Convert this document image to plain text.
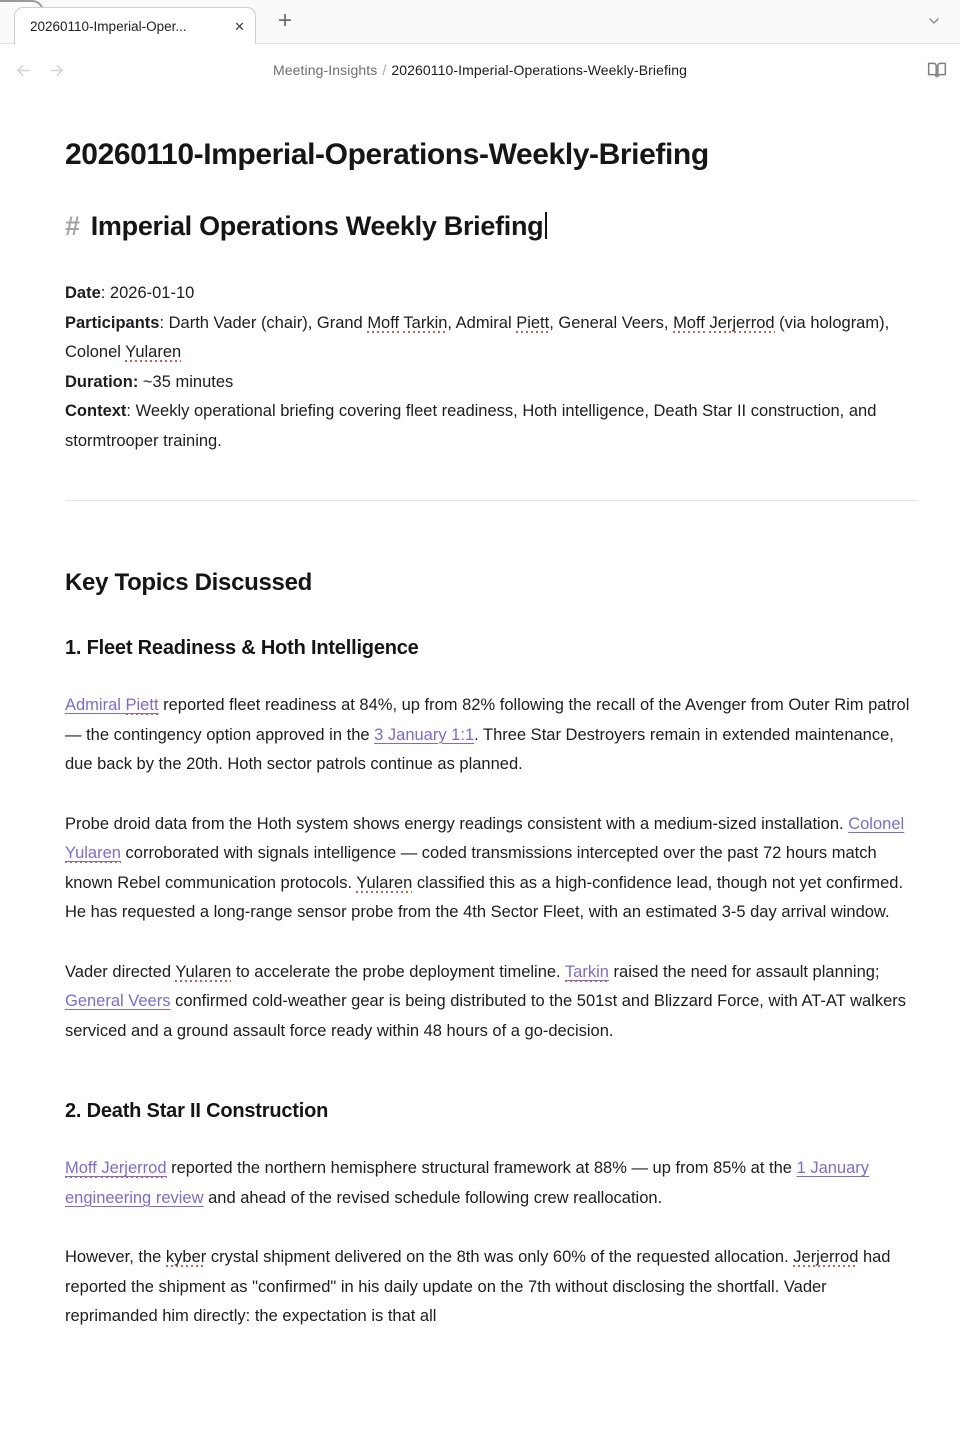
20260110-Imperial-Oper...	✕ +
Meeting-Insights / 20260110-Imperial-Operations-Weekly-Briefing
20260110-Imperial-Operations-Weekly-Briefing
# Imperial Operations Weekly Briefing
Date: 2026-01-10
Participants: Darth Vader (chair), Grand Moff Tarkin, Admiral Piett, General Veers, Moff Jerjerrod (via hologram), Colonel Yularen
Duration: ~35 minutes
Context: Weekly operational briefing covering fleet readiness, Hoth intelligence, Death Star II construction, and stormtrooper training.
Key Topics Discussed
1. Fleet Readiness & Hoth Intelligence

Admiral Piett reported fleet readiness at 84%, up from 82% following the recall of the Avenger from Outer Rim patrol — the contingency option approved in the 3 January 1:1. Three Star Destroyers remain in extended maintenance, due back by the 20th. Hoth sector patrols continue as planned.

Probe droid data from the Hoth system shows energy readings consistent with a medium-sized installation. Colonel Yularen corroborated with signals intelligence — coded transmissions intercepted over the past 72 hours match known Rebel communication protocols. Yularen classified this as a high-confidence lead, though not yet confirmed. He has requested a long-range sensor probe from the 4th Sector Fleet, with an estimated 3-5 day arrival window.

Vader directed Yularen to accelerate the probe deployment timeline. Tarkin raised the need for assault planning; General Veers confirmed cold-weather gear is being distributed to the 501st and Blizzard Force, with AT-AT walkers serviced and a ground assault force ready within 48 hours of a go-decision.

2. Death Star II Construction

Moff Jerjerrod reported the northern hemisphere structural framework at 88% — up from 85% at the 1 January engineering review and ahead of the revised schedule following crew reallocation.

However, the kyber crystal shipment delivered on the 8th was only 60% of the requested allocation. Jerjerrod had reported the shipment as "confirmed" in his daily update on the 7th without disclosing the shortfall. Vader reprimanded him directly: the expectation is that all
